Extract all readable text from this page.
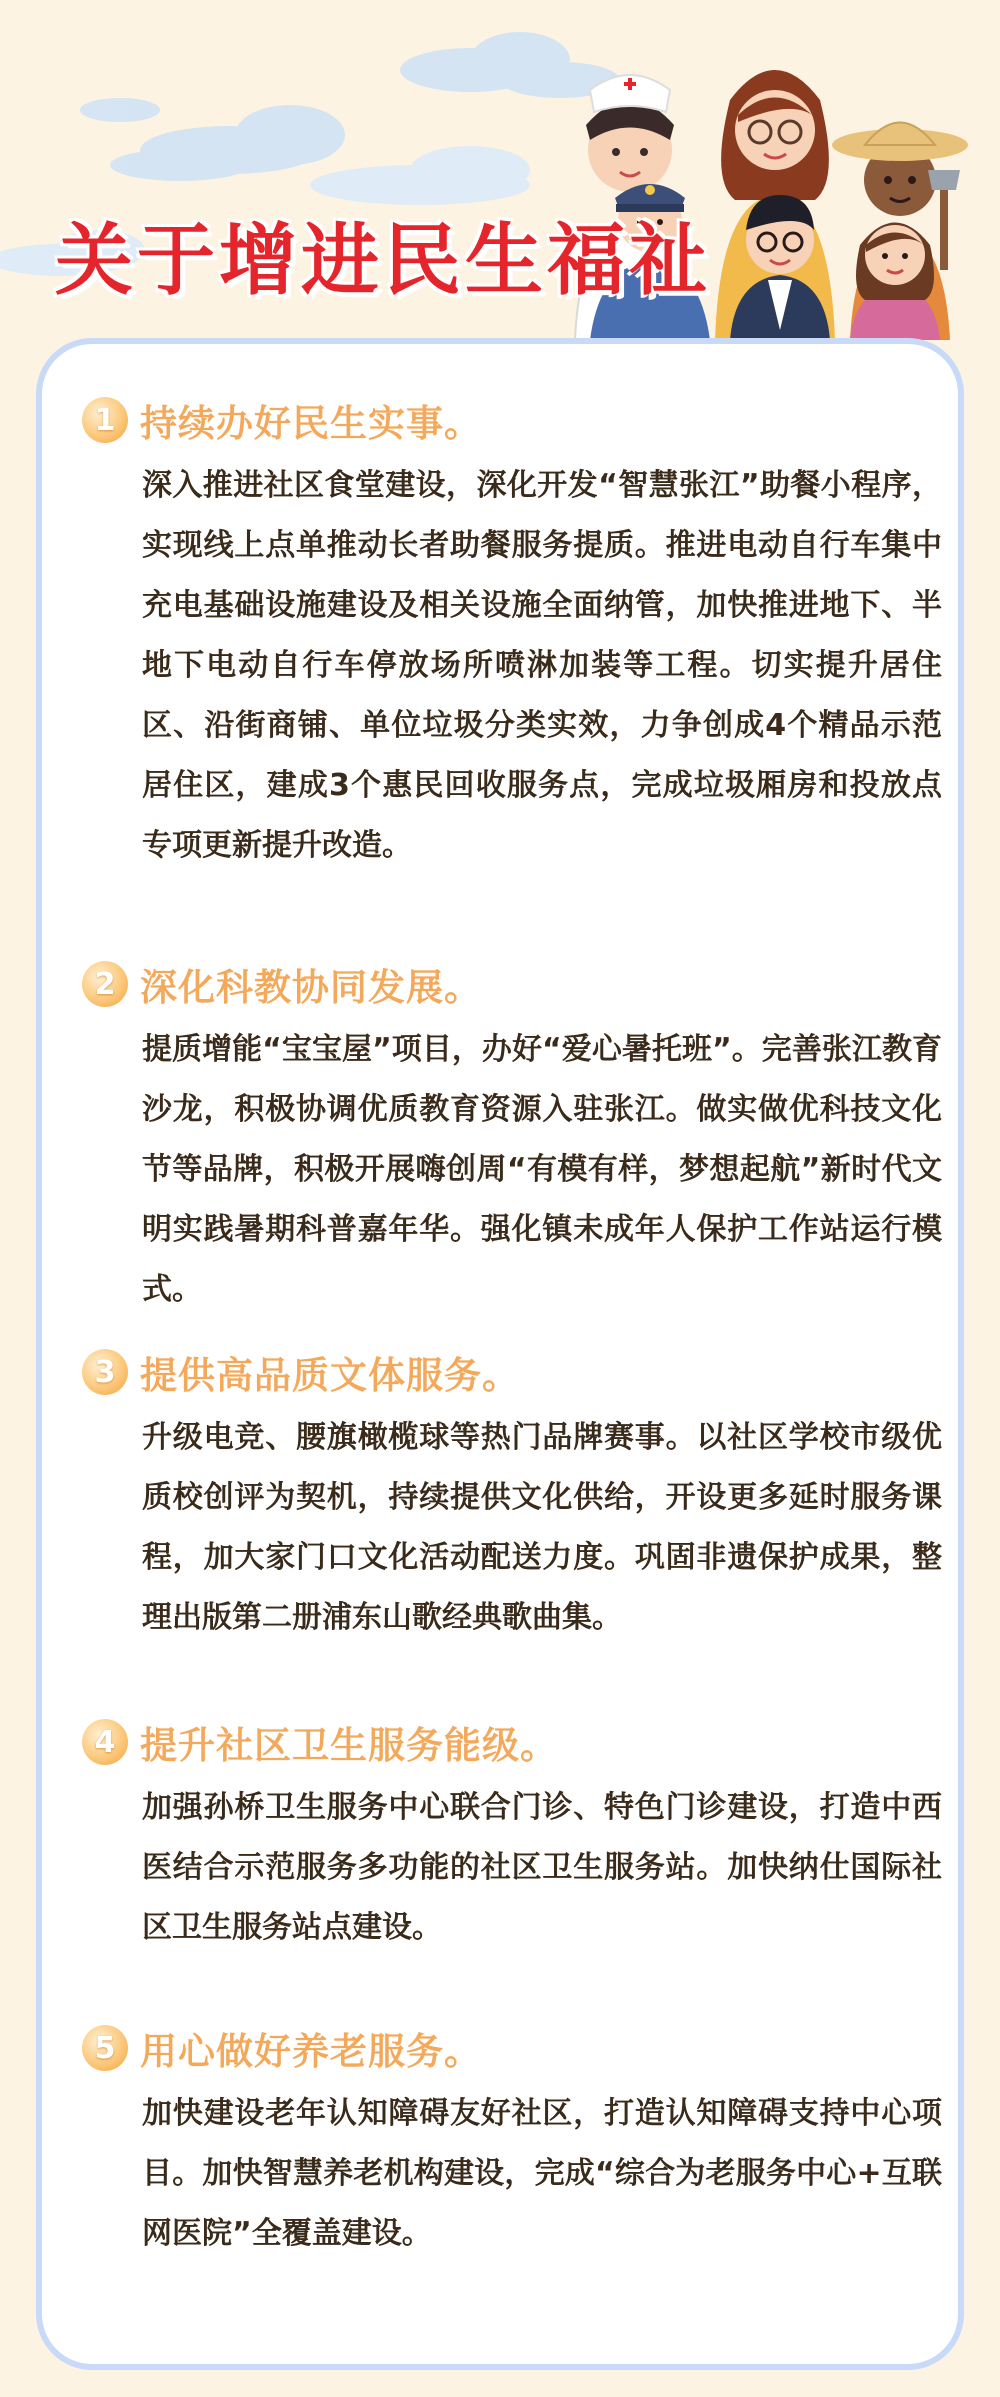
关于增进民生福祉
1 持续办好民生实事。

深入推进社区食堂建设，深化开发“智慧张江”助餐小程序，实现线上点单推动长者助餐服务提质。推进电动自行车集中充电基础设施建设及相关设施全面纳管，加快推进地下、半地下电动自行车停放场所喷淋加装等工程。切实提升居住区、沿街商铺、单位垃圾分类实效，力争创成4个精品示范居住区，建成3个惠民回收服务点，完成垃圾厢房和投放点专项更新提升改造。

2 深化科教协同发展。

提质增能“宝宝屋”项目，办好“爱心暑托班”。完善张江教育沙龙，积极协调优质教育资源入驻张江。做实做优科技文化节等品牌，积极开展嗨创周“有模有样，梦想起航”新时代文明实践暑期科普嘉年华。强化镇未成年人保护工作站运行模式。

3 提供高品质文体服务。

升级电竞、腰旗橄榄球等热门品牌赛事。以社区学校市级优质校创评为契机，持续提供文化供给，开设更多延时服务课程，加大家门口文化活动配送力度。巩固非遗保护成果，整理出版第二册浦东山歌经典歌曲集。

4 提升社区卫生服务能级。

加强孙桥卫生服务中心联合门诊、特色门诊建设，打造中西医结合示范服务多功能的社区卫生服务站。加快纳仕国际社区卫生服务站点建设。

5 用心做好养老服务。

加快建设老年认知障碍友好社区，打造认知障碍支持中心项目。加快智慧养老机构建设，完成“综合为老服务中心+互联网医院”全覆盖建设。
